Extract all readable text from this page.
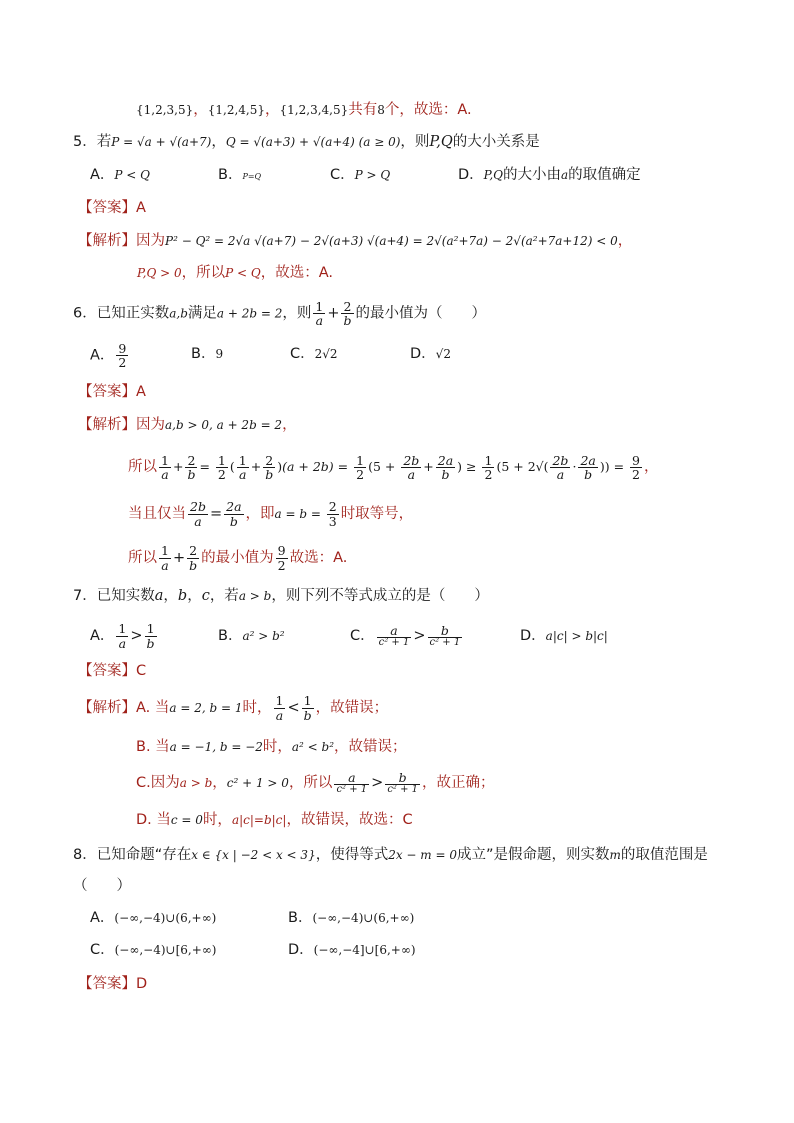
{1,2,3,5}，{1,2,4,5}，{1,2,3,4,5}共有8个，故选：A.
5．若P = √a + √(a+7)，Q = √(a+3) + √(a+4) (a ≥ 0)，则P,Q的大小关系是
A．P < Q	B．P=Q	C．P > Q	D．P,Q的大小由a的取值确定
【答案】A
【解析】因为P² − Q² = 2√a √(a+7) − 2√(a+3) √(a+4) = 2√(a²+7a) − 2√(a²+7a+12) < 0，
P,Q > 0，所以P < Q，故选：A.
6．已知正实数a,b满足a + 2b = 2，则 $\frac{1}{a} + \frac{2}{b}$ 的最小值为（　　）
A． $\frac{9}{2}$	B．9	C．2√2	D．√2
【答案】A
【解析】因为a,b > 0, a + 2b = 2，
所以 $\frac{1}{a} + \frac{2}{b} = \frac{1}{2}$ ( $\frac{1}{a} + \frac{2}{b} )(a + 2b) = \frac{1}{2} (5 + \frac{2b}{a} + \frac{2a}{b}$ ) ≥ $\frac{1}{2} (5 + 2√( \frac{2b}{a} \cdot \frac{2a}{b}$ )) = $\frac{9}{2}$ ，
当且仅当 $\frac{2b}{a} = \frac{2a}{b}$ ，即$a = b = \frac{2}{3}$ 时取等号，
所以 $\frac{1}{a} + \frac{2}{b}$ 的最小值为 $\frac{9}{2}$ 故选：A.
7．已知实数a，b，c，若a > b，则下列不等式成立的是（　　）
A． $\frac{1}{a} > \frac{1}{b}$	B．a² > b²	C． $\frac{a}{\text{c² + 1}} > \frac{b}{\text{c² + 1}}$	D．a|c| > b|c|
【答案】C
【解析】A. 当a = 2, b = 1时， $\frac{1}{a} < \frac{1}{b}$ ，故错误；
B. 当a = −1, b = −2时，a² < b²，故错误；
C.因为a > b，c² + 1 > 0，所以 $\frac{a}{\text{c² + 1}} > \frac{b}{\text{c² + 1}}$ ，故正确；
D. 当c = 0时，a|c|=b|c|，故错误，故选：C
8．已知命题“存在x ∈ {x | −2 < x < 3}，使得等式2x − m = 0成立”是假命题，则实数m的取值范围是
（　　）
A．(−∞,−4)∪(6,+∞)	B．(−∞,−4)∪(6,+∞)
C．(−∞,−4)∪[6,+∞)	D．(−∞,−4]∪[6,+∞)
【答案】D
